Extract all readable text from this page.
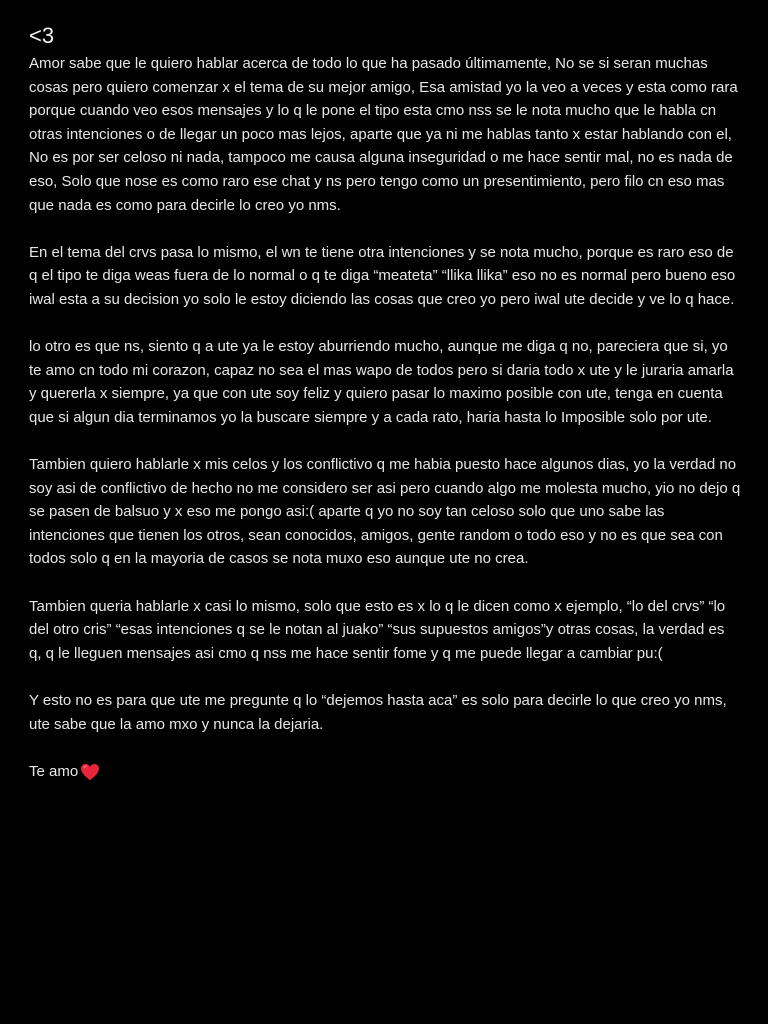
<3

Amor sabe que le quiero hablar acerca de todo lo que ha pasado últimamente, No se si seran muchas cosas pero quiero comenzar x el tema de su mejor amigo, Esa amistad yo la veo a veces y esta como rara porque cuando veo esos mensajes y lo q le pone el tipo esta cmo nss se le nota mucho que le habla cn otras intenciones o de llegar un poco mas lejos, aparte que ya ni me hablas tanto x estar hablando con el, No es por ser celoso ni nada, tampoco me causa alguna inseguridad o me hace sentir mal, no es nada de eso, Solo que nose es como raro ese chat y ns pero tengo como un presentimiento, pero filo cn eso mas que nada es como para decirle lo creo yo nms.

En el tema del crvs pasa lo mismo, el wn te tiene otra intenciones y se nota mucho, porque es raro eso de q el tipo te diga weas fuera de lo normal o q te diga “meateta” “llika llika” eso no es normal pero bueno eso iwal esta a su decision yo solo le estoy diciendo las cosas que creo yo pero iwal ute decide y ve lo q hace.

lo otro es que ns, siento q a ute ya le estoy aburriendo mucho, aunque me diga q no, pareciera que si, yo te amo cn todo mi corazon, capaz no sea el mas wapo de todos pero si daria todo x ute y le juraria amarla y quererla x siempre, ya que con ute soy feliz y quiero pasar lo maximo posible con ute, tenga en cuenta que si algun dia terminamos yo la buscare siempre y a cada rato, haria hasta lo Imposible solo por ute.

Tambien quiero hablarle x mis celos y los conflictivo q me habia puesto hace algunos dias, yo la verdad no soy asi de conflictivo de hecho no me considero ser asi pero cuando algo me molesta mucho, yio no dejo q se pasen de balsuo y x eso me pongo asi:( aparte q yo no soy tan celoso solo que uno sabe las intenciones que tienen los otros, sean conocidos, amigos, gente random o todo eso y no es que sea con todos solo q en la mayoria de casos se nota muxo eso aunque ute no crea.

Tambien queria hablarle x casi lo mismo, solo que esto es x lo q le dicen como x ejemplo, “lo del crvs” “lo del otro cris” “esas intenciones q se le notan al juako” “sus supuestos amigos”y otras cosas, la verdad es q, q le lleguen mensajes asi cmo q nss me hace sentir fome y q me puede llegar a cambiar pu:(

Y esto no es para que ute me pregunte q lo “dejemos hasta aca” es solo para decirle lo que creo yo nms, ute sabe que la amo mxo y nunca la dejaria.

Te amo
